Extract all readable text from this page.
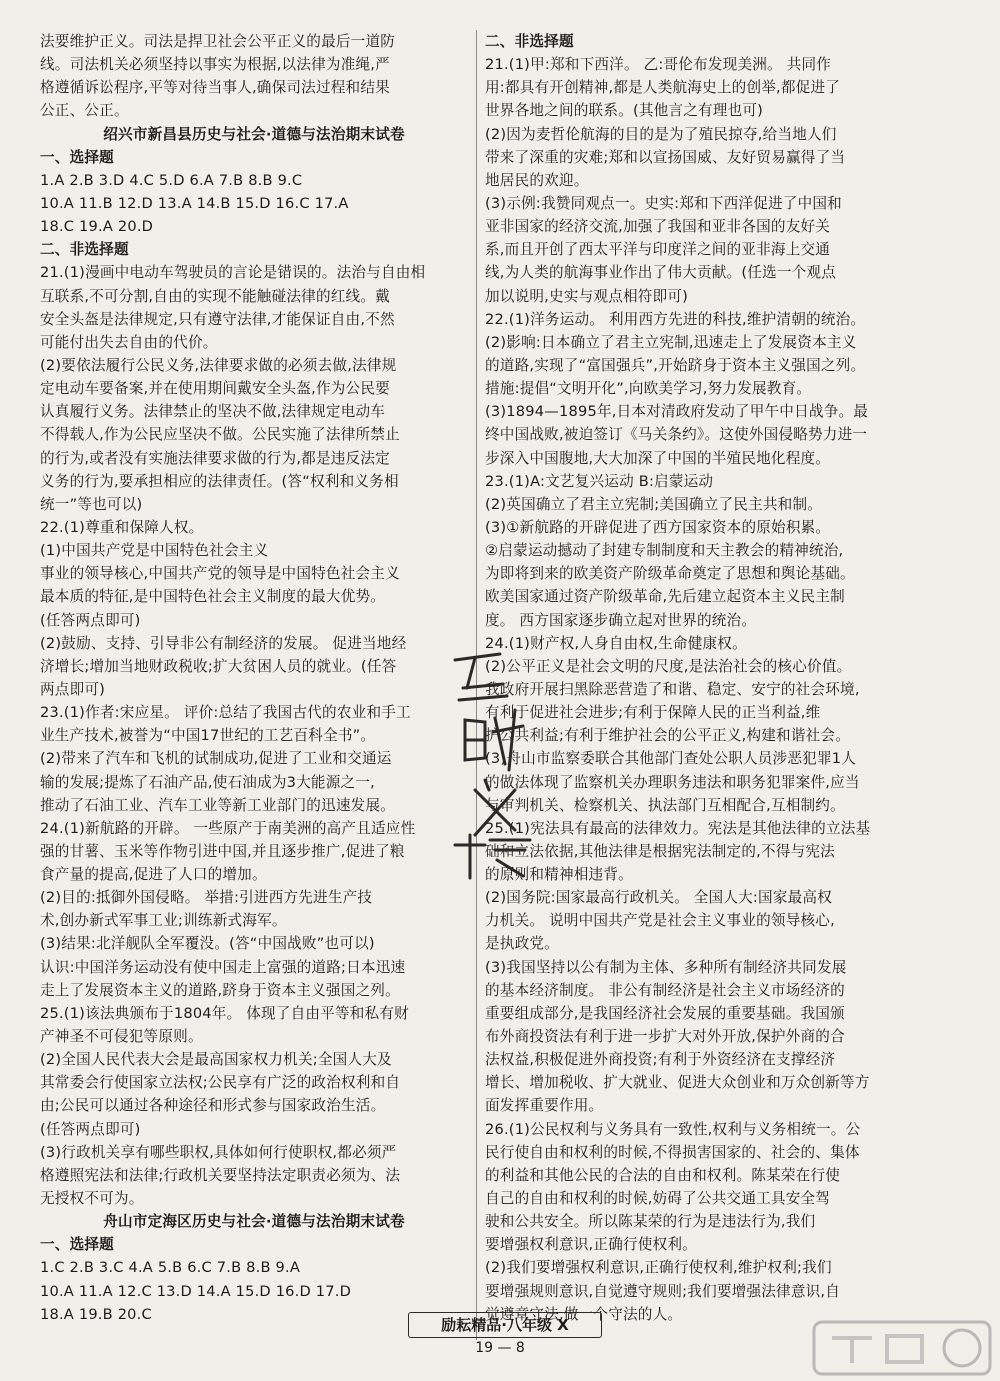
法要维护正义。司法是捍卫社会公平正义的最后一道防
线。司法机关必须坚持以事实为根据,以法律为准绳,严
格遵循诉讼程序,平等对待当事人,确保司法过程和结果
公正、公正。
绍兴市新昌县历史与社会·道德与法治期末试卷
一、选择题
1.A 2.B 3.D 4.C 5.D 6.A 7.B 8.B 9.C
10.A 11.B 12.D 13.A 14.B 15.D 16.C 17.A
18.C 19.A 20.D
二、非选择题
21.(1)漫画中电动车驾驶员的言论是错误的。法治与自由相
互联系,不可分割,自由的实现不能触碰法律的红线。戴
安全头盔是法律规定,只有遵守法律,才能保证自由,不然
可能付出失去自由的代价。
(2)要依法履行公民义务,法律要求做的必须去做,法律规
定电动车要备案,并在使用期间戴安全头盔,作为公民要
认真履行义务。法律禁止的坚决不做,法律规定电动车
不得载人,作为公民应坚决不做。公民实施了法律所禁止
的行为,或者没有实施法律要求做的行为,都是违反法定
义务的行为,要承担相应的法律责任。(答“权利和义务相
统一”等也可以)
22.(1)尊重和保障人权。
(1)中国共产党是中国特色社会主义
事业的领导核心,中国共产党的领导是中国特色社会主义
最本质的特征,是中国特色社会主义制度的最大优势。
(任答两点即可)
(2)鼓励、支持、引导非公有制经济的发展。 促进当地经
济增长;增加当地财政税收;扩大贫困人员的就业。(任答
两点即可)
23.(1)作者:宋应星。 评价:总结了我国古代的农业和手工
业生产技术,被誉为“中国17世纪的工艺百科全书”。
(2)带来了汽车和飞机的试制成功,促进了工业和交通运
输的发展;提炼了石油产品,使石油成为3大能源之一,
推动了石油工业、汽车工业等新工业部门的迅速发展。
24.(1)新航路的开辟。 一些原产于南美洲的高产且适应性
强的甘薯、玉米等作物引进中国,并且逐步推广,促进了粮
食产量的提高,促进了人口的增加。
(2)目的:抵御外国侵略。 举措:引进西方先进生产技
术,创办新式军事工业;训练新式海军。
(3)结果:北洋舰队全军覆没。(答“中国战败”也可以)
认识:中国洋务运动没有使中国走上富强的道路;日本迅速
走上了发展资本主义的道路,跻身于资本主义强国之列。
25.(1)该法典颁布于1804年。 体现了自由平等和私有财
产神圣不可侵犯等原则。
(2)全国人民代表大会是最高国家权力机关;全国人大及
其常委会行使国家立法权;公民享有广泛的政治权利和自
由;公民可以通过各种途径和形式参与国家政治生活。
(任答两点即可)
(3)行政机关享有哪些职权,具体如何行使职权,都必须严
格遵照宪法和法律;行政机关要坚持法定职责必须为、法
无授权不可为。
舟山市定海区历史与社会·道德与法治期末试卷
一、选择题
1.C 2.B 3.C 4.A 5.B 6.C 7.B 8.B 9.A
10.A 11.A 12.C 13.D 14.A 15.D 16.D 17.D
18.A 19.B 20.C
二、非选择题
21.(1)甲:郑和下西洋。 乙:哥伦布发现美洲。 共同作
用:都具有开创精神,都是人类航海史上的创举,都促进了
世界各地之间的联系。(其他言之有理也可)
(2)因为麦哲伦航海的目的是为了殖民掠夺,给当地人们
带来了深重的灾难;郑和以宣扬国威、友好贸易赢得了当
地居民的欢迎。
(3)示例:我赞同观点一。史实:郑和下西洋促进了中国和
亚非国家的经济交流,加强了我国和亚非各国的友好关
系,而且开创了西太平洋与印度洋之间的亚非海上交通
线,为人类的航海事业作出了伟大贡献。(任选一个观点
加以说明,史实与观点相符即可)
22.(1)洋务运动。 利用西方先进的科技,维护清朝的统治。
(2)影响:日本确立了君主立宪制,迅速走上了发展资本主义
的道路,实现了“富国强兵”,开始跻身于资本主义强国之列。
措施:提倡“文明开化”,向欧美学习,努力发展教育。
(3)1894—1895年,日本对清政府发动了甲午中日战争。最
终中国战败,被迫签订《马关条约》。这使外国侵略势力进一
步深入中国腹地,大大加深了中国的半殖民地化程度。
23.(1)A:文艺复兴运动 B:启蒙运动
(2)英国确立了君主立宪制;美国确立了民主共和制。
(3)①新航路的开辟促进了西方国家资本的原始积累。
②启蒙运动撼动了封建专制制度和天主教会的精神统治,
为即将到来的欧美资产阶级革命奠定了思想和舆论基础。
欧美国家通过资产阶级革命,先后建立起资本主义民主制
度。 西方国家逐步确立起对世界的统治。
24.(1)财产权,人身自由权,生命健康权。
(2)公平正义是社会文明的尺度,是法治社会的核心价值。
我政府开展扫黑除恶营造了和谐、稳定、安宁的社会环境,
有利于促进社会进步;有利于保障人民的正当利益,维
护公共利益;有利于维护社会的公平正义,构建和谐社会。
(3)舟山市监察委联合其他部门查处公职人员涉恶犯罪1人
的做法体现了监察机关办理职务违法和职务犯罪案件,应当
与审判机关、检察机关、执法部门互相配合,互相制约。
25.(1)宪法具有最高的法律效力。宪法是其他法律的立法基
础和立法依据,其他法律是根据宪法制定的,不得与宪法
的原则和精神相违背。
(2)国务院:国家最高行政机关。 全国人大:国家最高权
力机关。 说明中国共产党是社会主义事业的领导核心,
是执政党。
(3)我国坚持以公有制为主体、多种所有制经济共同发展
的基本经济制度。 非公有制经济是社会主义市场经济的
重要组成部分,是我国经济社会发展的重要基础。我国颁
布外商投资法有利于进一步扩大对外开放,保护外商的合
法权益,积极促进外商投资;有利于外资经济在支撑经济
增长、增加税收、扩大就业、促进大众创业和万众创新等方
面发挥重要作用。
26.(1)公民权利与义务具有一致性,权利与义务相统一。公
民行使自由和权利的时候,不得损害国家的、社会的、集体
的利益和其他公民的合法的自由和权利。陈某荣在行使
自己的自由和权利的时候,妨碍了公共交通工具安全驾
驶和公共安全。所以陈某荣的行为是违法行为,我们
要增强权利意识,正确行使权利。
(2)我们要增强权利意识,正确行使权利,维护权利;我们
要增强规则意识,自觉遵守规则;我们要增强法律意识,自
觉遵章守法,做一个守法的人。
励耘精品·八年级 X
19 — 8
